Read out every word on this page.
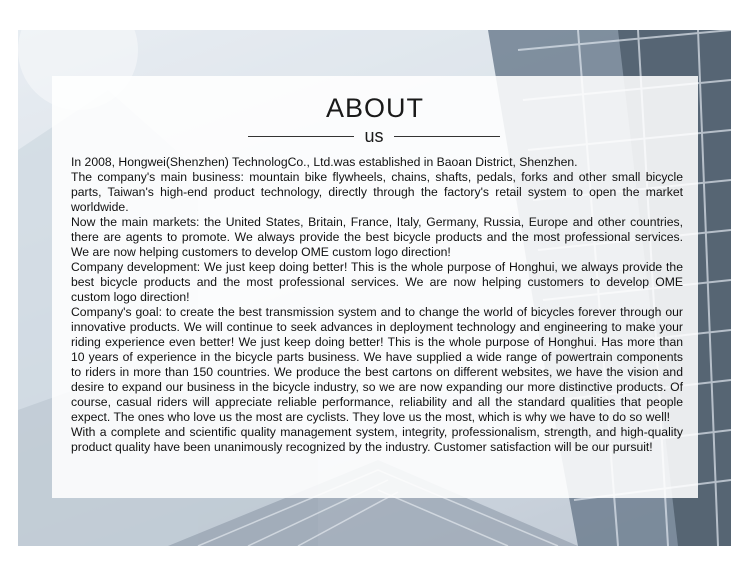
ABOUT
us

In 2008, Hongwei(Shenzhen) TechnologCo., Ltd.was established in Baoan District, Shenzhen.

The company's main business: mountain bike flywheels, chains, shafts, pedals, forks and other small bicycle parts, Taiwan's high-end product technology, directly through the factory's retail system to open the market worldwide.

Now the main markets: the United States, Britain, France, Italy, Germany, Russia, Europe and other countries, there are agents to promote. We always provide the best bicycle products and the most professional services. We are now helping customers to develop OME custom logo direction!

Company development: We just keep doing better! This is the whole purpose of Honghui, we always provide the best bicycle products and the most professional services. We are now helping customers to develop OME custom logo direction!

Company's goal: to create the best transmission system and to change the world of bicycles forever through our innovative products. We will continue to seek advances in deployment technology and engineering to make your riding experience even better! We just keep doing better! This is the whole purpose of Honghui. Has more than 10 years of experience in the bicycle parts business. We have supplied a wide range of powertrain components to riders in more than 150 countries. We produce the best cartons on different websites, we have the vision and desire to expand our business in the bicycle industry, so we are now expanding our more distinctive products. Of course, casual riders will appreciate reliable performance, reliability and all the standard qualities that people expect. The ones who love us the most are cyclists. They love us the most, which is why we have to do so well!

With a complete and scientific quality management system, integrity, professionalism, strength, and high-quality product quality have been unanimously recognized by the industry. Customer satisfaction will be our pursuit!
